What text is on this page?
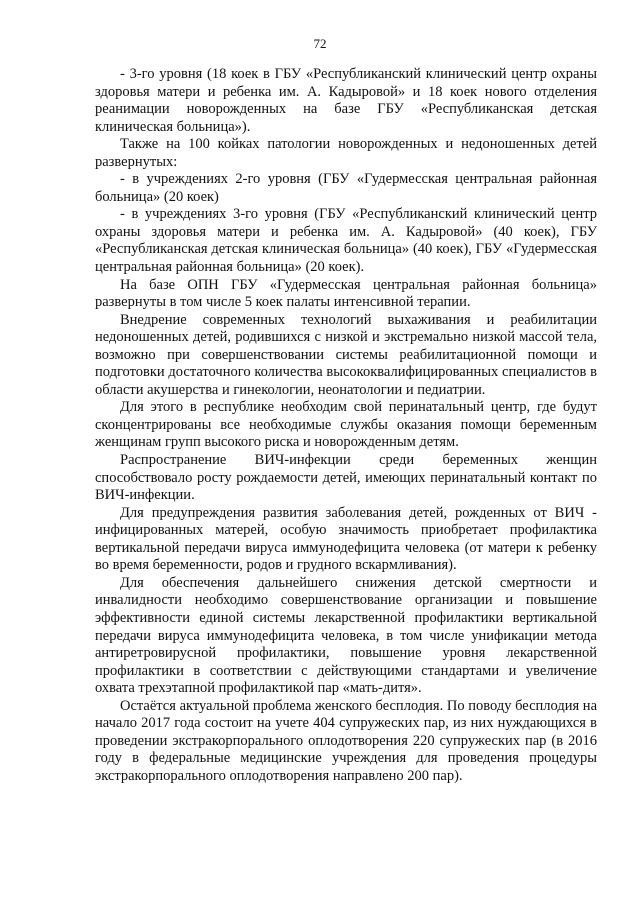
72

- 3-го уровня (18 коек в ГБУ «Республиканский клинический центр охраны здоровья матери и ребенка им. А. Кадыровой» и 18 коек нового отделения реанимации новорожденных на базе ГБУ «Республиканская детская клиническая больница»).

Также на 100 койках патологии новорожденных и недоношенных детей развернутых:

- в учреждениях 2-го уровня (ГБУ «Гудермесская центральная районная больница» (20 коек)

- в учреждениях 3-го уровня (ГБУ «Республиканский клинический центр охраны здоровья матери и ребенка им. А. Кадыровой» (40 коек), ГБУ «Республиканская детская клиническая больница» (40 коек), ГБУ «Гудермесская центральная районная больница» (20 коек).

На базе ОПН ГБУ «Гудермесская центральная районная больница» развернуты в том числе 5 коек палаты интенсивной терапии.

Внедрение современных технологий выхаживания и реабилитации недоношенных детей, родившихся с низкой и экстремально низкой массой тела, возможно при совершенствовании системы реабилитационной помощи и подготовки достаточного количества высококвалифицированных специалистов в области акушерства и гинекологии, неонатологии и педиатрии.

Для этого в республике необходим свой перинатальный центр, где будут сконцентрированы все необходимые службы оказания помощи беременным женщинам групп высокого риска и новорожденным детям.

Распространение ВИЧ-инфекции среди беременных женщин способствовало росту рождаемости детей, имеющих перинатальный контакт по ВИЧ-инфекции.

Для предупреждения развития заболевания детей, рожденных от ВИЧ - инфицированных матерей, особую значимость приобретает профилактика вертикальной передачи вируса иммунодефицита человека (от матери к ребенку во время беременности, родов и грудного вскармливания).

Для обеспечения дальнейшего снижения детской смертности и инвалидности необходимо совершенствование организации и повышение эффективности единой системы лекарственной профилактики вертикальной передачи вируса иммунодефицита человека, в том числе унификации метода антиретровирусной профилактики, повышение уровня лекарственной профилактики в соответствии с действующими стандартами и увеличение охвата трехэтапной профилактикой пар «мать-дитя».

Остаётся актуальной проблема женского бесплодия. По поводу бесплодия на начало 2017 года состоит на учете 404 супружеских пар, из них нуждающихся в проведении экстракорпорального оплодотворения 220 супружеских пар (в 2016 году в федеральные медицинские учреждения для проведения процедуры экстракорпорального оплодотворения направлено 200 пар).
